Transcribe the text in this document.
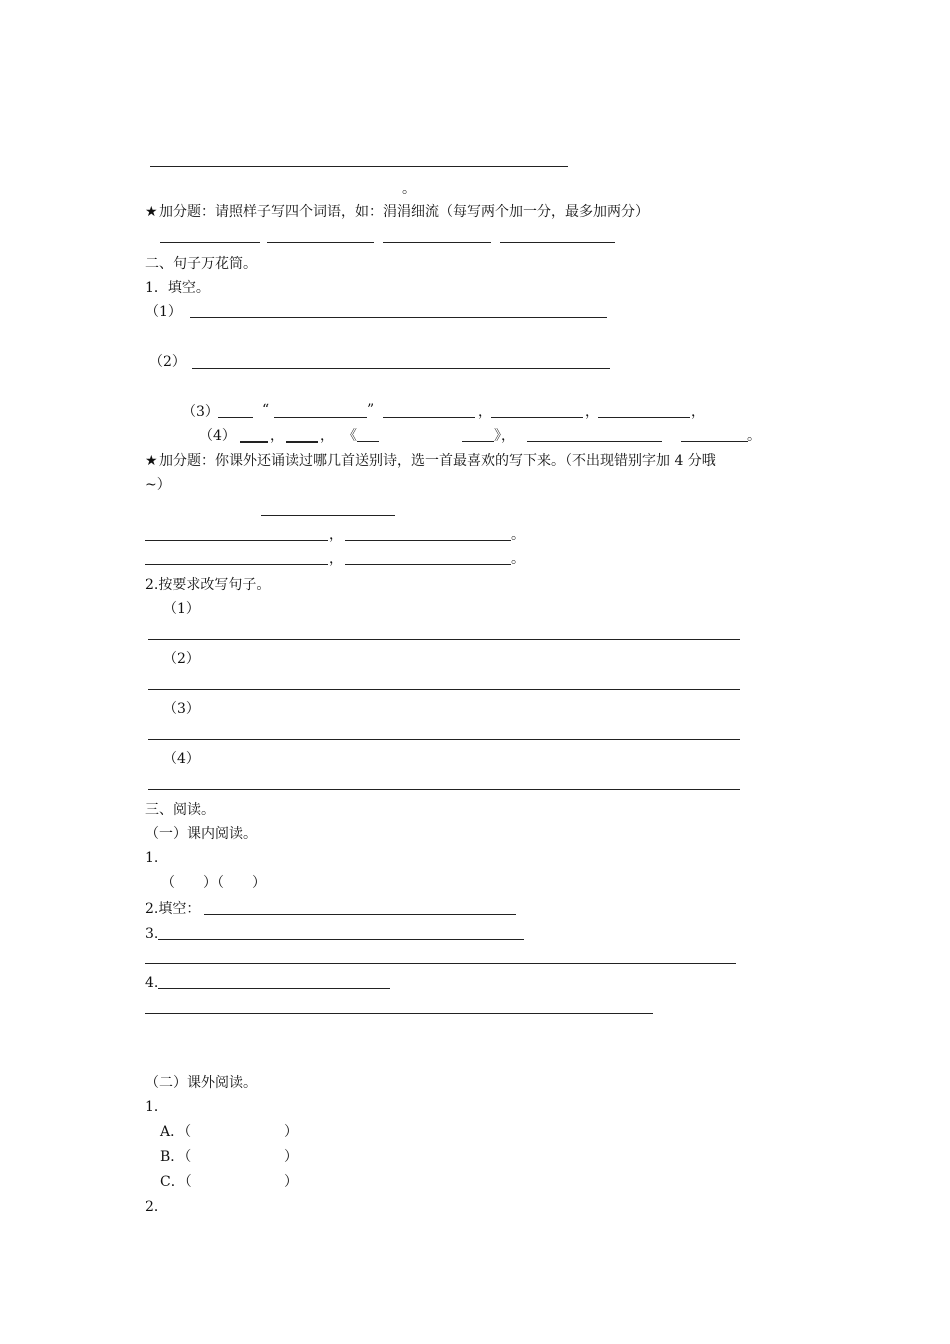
。
★ 加分题：请照样子写四个词语，如：涓涓细流（每写两个加一分，最多加两分）
二、句子万花筒。
1．填空。
（1）
（2）
（3）	“	”	，	，	，
（4） ，	， 《	》，	。
★ 加分题：你课外还诵读过哪几首送别诗，选一首最喜欢的写下来。（不出现错别字加 4 分哦
~）
，	。
，	。
2.按要求改写句子。
（1）
（2）
（3）
（4）
三、阅读。
（一）课内阅读。
1.
（　　）（　　）
2.填空：
3.
4.
（二）课外阅读。
1．
A．（	）
B．（	）
C．（	）
2．
